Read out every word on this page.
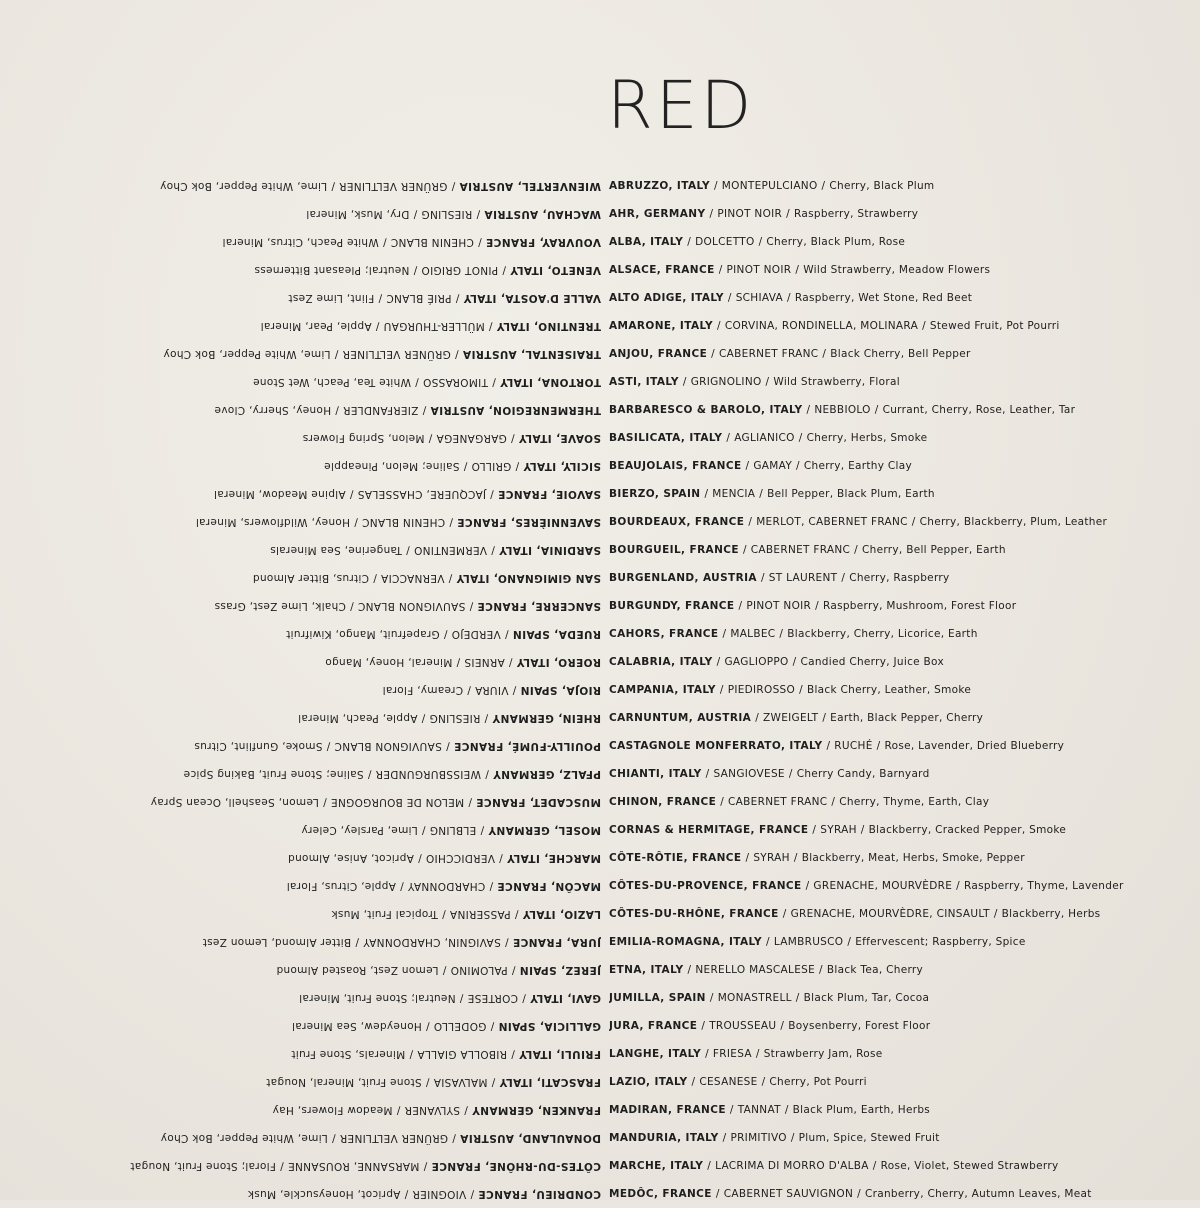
RED
WIENVERTEL, AUSTRIA/GRÜNER VELTLINER/Lime, White Pepper, Bok Choy
WACHAU, AUSTRIA/RIESLING/Dry, Musk, Mineral
VOUVRAY, FRANCE/CHENIN BLANC/White Peach, Citrus, Mineral
VENETO, ITALY/PINOT GRIGIO/Neutral; Pleasant Bitterness
VALLE D'AOSTA, ITALY/PRIÉ BLANC/Flint, Lime Zest
TRENTINO, ITALY/MÜLLER-THURGAU/Apple, Pear, Mineral
TRAISENTAL, AUSTRIA/GRÜNER VELTLINER/Lime, White Pepper, Bok Choy
TORTONA, ITALY/TIMORASSO/White Tea, Peach, Wet Stone
THERMENREGION, AUSTRIA/ZIERFANDLER/Honey, Sherry, Clove
SOAVE, ITALY/GARGANEGA/Melon, Spring Flowers
SICILY, ITALY/GRILLO/Saline; Melon, Pineapple
SAVOIE, FRANCE/JACQUERE, CHASSELAS/Alpine Meadow, Mineral
SAVENNIÈRES, FRANCE/CHENIN BLANC/Honey, Wildflowers, Mineral
SARDINIA, ITALY/VERMENTINO/Tangerine, Sea Minerals
SAN GIMIGNANO, ITALY/VERNACCIA/Citrus, Bitter Almond
SANCERRE, FRANCE/SAUVIGNON BLANC/Chalk, Lime Zest, Grass
RUEDA, SPAIN/VERDEJO/Grapefruit, Mango, Kiwifruit
ROERO, ITALY/ARNEIS/Mineral, Honey, Mango
RIOJA, SPAIN/VIURA/Creamy, Floral
RHEIN, GERMANY/RIESLING/Apple, Peach, Mineral
POUILLY-FUMÉ, FRANCE/SAUVIGNON BLANC/Smoke, Gunflint, Citrus
PFALZ, GERMANY/WEISSBURGUNDER/Saline; Stone Fruit, Baking Spice
MUSCADET, FRANCE/MELON DE BOURGOGNE/Lemon, Seashell, Ocean Spray
MOSEL, GERMANY/ELBLING/Lime, Parsley, Celery
MARCHE, ITALY/VERDICCHIO/Apricot, Anise, Almond
MACÔN, FRANCE/CHARDONNAY/Apple, Citrus, Floral
LAZIO, ITALY/PASSERINA/Tropical Fruit, Musk
JURA, FRANCE/SAVIGNIN, CHARDONNAY/Bitter Almond, Lemon Zest
JEREZ, SPAIN/PALOMINO/Lemon Zest, Roasted Almond
GAVI, ITALY/CORTESE/Neutral; Stone Fruit, Mineral
GALLICIA, SPAIN/GODELLO/Honeydew, Sea Mineral
FRIULI, ITALY/RIBOLLA GIALLA/Minerals, Stone Fruit
FRASCATI, ITALY/MALVASIA/Stone Fruit, Mineral, Nougat
FRANKEN, GERMANY/SYLVANER/Meadow Flowers, Hay
DONAULAND, AUSTRIA/GRÜNER VELTLINER/Lime, White Pepper, Bok Choy
CÔTES-DU-RHÔNE, FRANCE/MARSANNE, ROUSANNE/Floral; Stone Fruit, Nougat
CONDRIEU, FRANCE/VIOGNIER/Apricot, Honeysuckle, Musk
ABRUZZO, ITALY / MONTEPULCIANO / Cherry, Black Plum
AHR, GERMANY / PINOT NOIR / Raspberry, Strawberry
ALBA, ITALY / DOLCETTO / Cherry, Black Plum, Rose
ALSACE, FRANCE / PINOT NOIR / Wild Strawberry, Meadow Flowers
ALTO ADIGE, ITALY / SCHIAVA / Raspberry, Wet Stone, Red Beet
AMARONE, ITALY / CORVINA, RONDINELLA, MOLINARA / Stewed Fruit, Pot Pourri
ANJOU, FRANCE / CABERNET FRANC / Black Cherry, Bell Pepper
ASTI, ITALY / GRIGNOLINO / Wild Strawberry, Floral
BARBARESCO & BAROLO, ITALY / NEBBIOLO / Currant, Cherry, Rose, Leather, Tar
BASILICATA, ITALY / AGLIANICO / Cherry, Herbs, Smoke
BEAUJOLAIS, FRANCE / GAMAY / Cherry, Earthy Clay
BIERZO, SPAIN / MENCIA / Bell Pepper, Black Plum, Earth
BOURDEAUX, FRANCE / MERLOT, CABERNET FRANC / Cherry, Blackberry, Plum, Leather
BOURGUEIL, FRANCE / CABERNET FRANC / Cherry, Bell Pepper, Earth
BURGENLAND, AUSTRIA / ST LAURENT / Cherry, Raspberry
BURGUNDY, FRANCE / PINOT NOIR / Raspberry, Mushroom, Forest Floor
CAHORS, FRANCE / MALBEC / Blackberry, Cherry, Licorice, Earth
CALABRIA, ITALY / GAGLIOPPO / Candied Cherry, Juice Box
CAMPANIA, ITALY / PIEDIROSSO / Black Cherry, Leather, Smoke
CARNUNTUM, AUSTRIA / ZWEIGELT / Earth, Black Pepper, Cherry
CASTAGNOLE MONFERRATO, ITALY / RUCHÉ / Rose, Lavender, Dried Blueberry
CHIANTI, ITALY / SANGIOVESE / Cherry Candy, Barnyard
CHINON, FRANCE / CABERNET FRANC / Cherry, Thyme, Earth, Clay
CORNAS & HERMITAGE, FRANCE / SYRAH / Blackberry, Cracked Pepper, Smoke
CÔTE-RÔTIE, FRANCE / SYRAH / Blackberry, Meat, Herbs, Smoke, Pepper
CÔTES-DU-PROVENCE, FRANCE / GRENACHE, MOURVÈDRE / Raspberry, Thyme, Lavender
CÔTES-DU-RHÔNE, FRANCE / GRENACHE, MOURVÈDRE, CINSAULT / Blackberry, Herbs
EMILIA-ROMAGNA, ITALY / LAMBRUSCO / Effervescent; Raspberry, Spice
ETNA, ITALY / NERELLO MASCALESE / Black Tea, Cherry
JUMILLA, SPAIN / MONASTRELL / Black Plum, Tar, Cocoa
JURA, FRANCE / TROUSSEAU / Boysenberry, Forest Floor
LANGHE, ITALY / FRIESA / Strawberry Jam, Rose
LAZIO, ITALY / CESANESE / Cherry, Pot Pourri
MADIRAN, FRANCE / TANNAT / Black Plum, Earth, Herbs
MANDURIA, ITALY / PRIMITIVO / Plum, Spice, Stewed Fruit
MARCHE, ITALY / LACRIMA DI MORRO D'ALBA / Rose, Violet, Stewed Strawberry
MEDÔC, FRANCE / CABERNET SAUVIGNON / Cranberry, Cherry, Autumn Leaves, Meat
